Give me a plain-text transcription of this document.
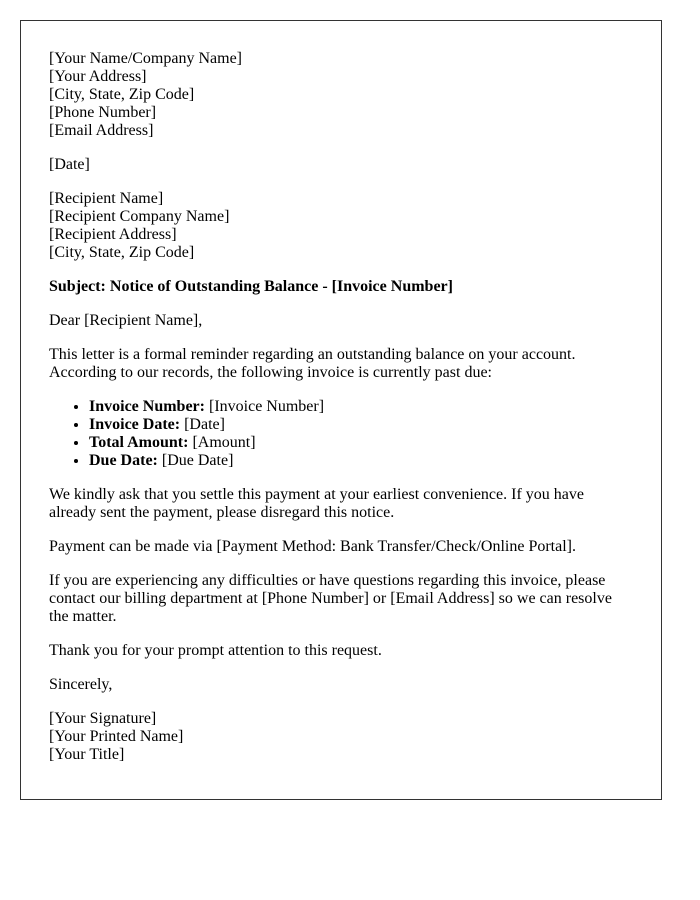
[Your Name/Company Name]
[Your Address]
[City, State, Zip Code]
[Phone Number]
[Email Address]
[Date]
[Recipient Name]
[Recipient Company Name]
[Recipient Address]
[City, State, Zip Code]

Subject: Notice of Outstanding Balance - [Invoice Number]

Dear [Recipient Name],

This letter is a formal reminder regarding an outstanding balance on your account. According to our records, the following invoice is currently past due:

• Invoice Number: [Invoice Number]
• Invoice Date: [Date]
• Total Amount: [Amount]
• Due Date: [Due Date]

We kindly ask that you settle this payment at your earliest convenience. If you have already sent the payment, please disregard this notice.

Payment can be made via [Payment Method: Bank Transfer/Check/Online Portal].

If you are experiencing any difficulties or have questions regarding this invoice, please contact our billing department at [Phone Number] or [Email Address] so we can resolve the matter.

Thank you for your prompt attention to this request.

Sincerely,

[Your Signature]
[Your Printed Name]
[Your Title]
